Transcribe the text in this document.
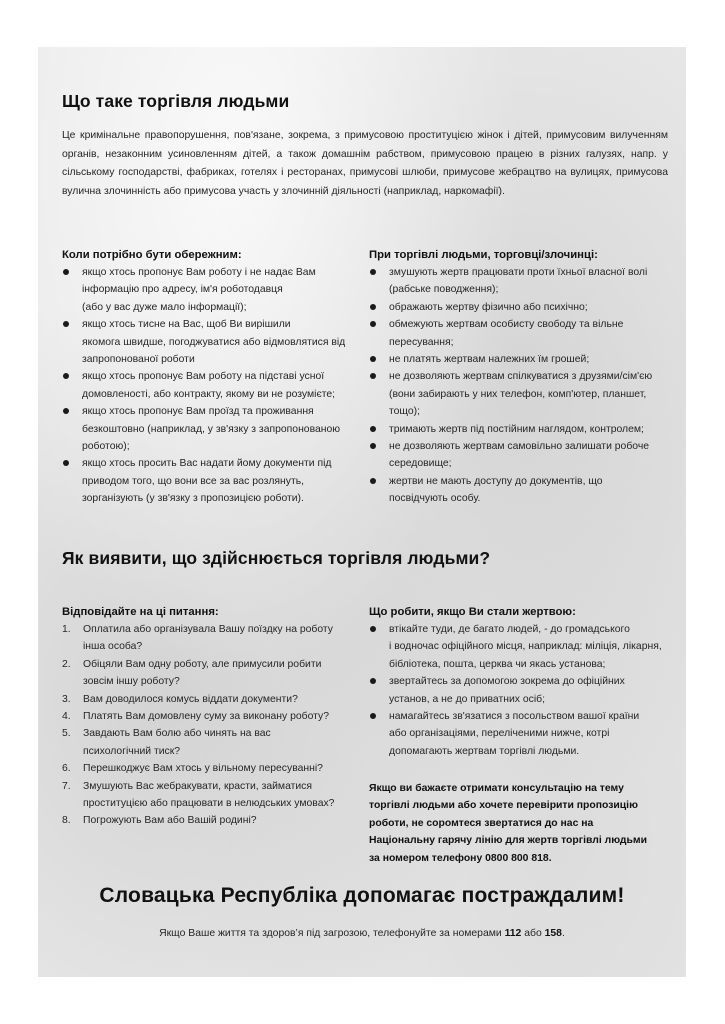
Що таке торгівля людьми
Це кримінальне правопорушення, пов'язане, зокрема, з примусовою проституцією жінок і дітей, примусовим вилученням органів, незаконним усиновленням дітей, а також домашнім рабством, примусовою працею в різних галузях, напр. у сільському господарстві, фабриках, готелях і ресторанах, примусові шлюби, примусове жебрацтво на вулицях, примусова вулична злочинність або примусова участь у злочинній діяльності (наприклад, наркомафії).
Коли потрібно бути обережним:
якщо хтось пропонує Вам роботу і не надає Вам
інформацію про адресу, ім'я роботодавця
(або у вас дуже мало інформації);
якщо хтось тисне на Вас, щоб Ви вирішили
якомога швидше, погоджуватися або відмовлятися від
запропонованої роботи
якщо хтось пропонує Вам роботу на підставі усної
домовленості, або контракту, якому ви не розумієте;
якщо хтось пропонує Вам проїзд та проживання
безкоштовно (наприклад, у зв'язку з запропонованою
роботою);
якщо хтось просить Вас надати йому документи під
приводом того, що вони все за вас розлянуть,
зорганізують (у зв'язку з пропозицією роботи).
При торгівлі людьми, торговці/злочинці:
змушують жертв працювати проти їхньої власної волі
(рабське поводження);
ображають жертву фізично або психічно;
обмежують жертвам особисту свободу та вільне
пересування;
не платять жертвам належних їм грошей;
не дозволяють жертвам спілкуватися з друзями/сім'єю
(вони забирають у них телефон, комп'ютер, планшет,
тощо);
тримають жертв під постійним наглядом, контролем;
не дозволяють жертвам самовільно залишати робоче
середовище;
жертви не мають доступу до документів, що
посвідчують особу.
Як виявити, що здійснюється торгівля людьми?
Відповідайте на ці питання:
1. Оплатила або організувала Вашу поїздку на роботу
інша особа?
2. Обіцяли Вам одну роботу, але примусили робити
зовсім іншу роботу?
3. Вам доводилося комусь віддати документи?
4. Платять Вам домовлену суму за виконану роботу?
5. Завдають Вам болю або чинять на вас
психологічний тиск?
6. Перешкоджує Вам хтось у вільному пересуванні?
7. Змушують Вас жебракувати, красти, займатися
проституцією або працювати в нелюдських умовах?
8. Погрожують Вам або Вашій родині?
Що робити, якщо Ви стали жертвою:
втікайте туди, де багато людей, - до громадського
і водночас офіційного місця, наприклад: міліція, лікарня,
бібліотека, пошта, церква чи якась установа;
звертайтесь за допомогою зокрема до офіційних
установ, а не до приватних осіб;
намагайтесь зв'язатися з посольством вашої країни
або організаціями, переліченими нижче, котрі
допомагають жертвам торгівлі людьми.
Якщо ви бажаєте отримати консультацію на тему
торгівлі людьми або хочете перевірити пропозицію
роботи, не соромтеся звертатися до нас на
Національну гарячу лінію для жертв торгівлі людьми
за номером телефону 0800 800 818.
Словацька Республіка допомагає постраждалим!
Якщо Ваше життя та здоров’я під загрозою, телефонуйте за номерами 112 або 158.
